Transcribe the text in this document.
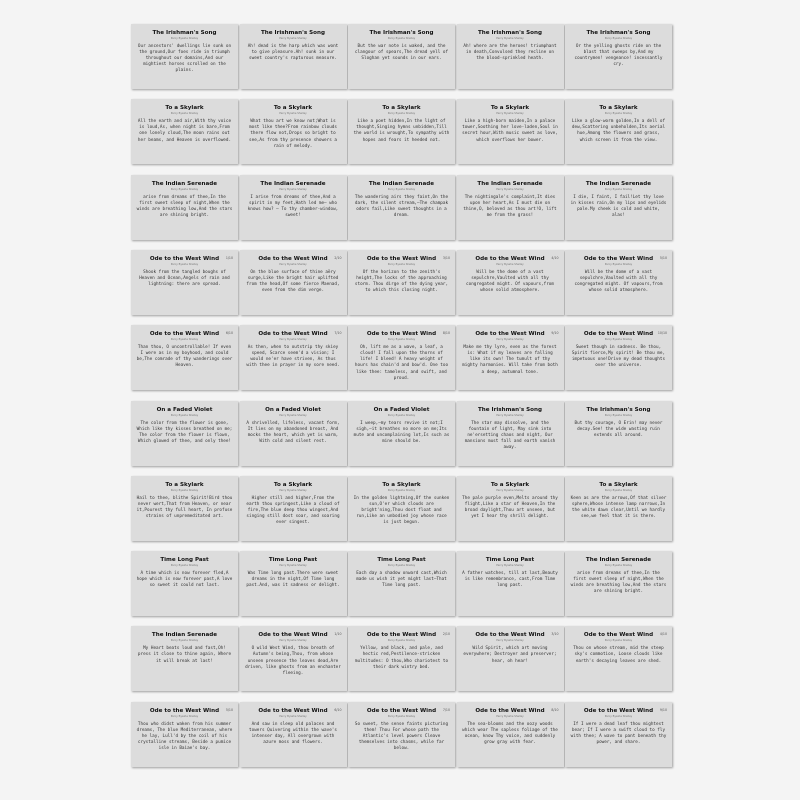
The Irishman's Song
Percy Bysshe Shelley
Our ancestors' dwellings lie sunk on the ground,Our foes ride in triumph throughout our domains,And our mightiest horses scrolled on the plains.
The Irishman's Song
Percy Bysshe Shelley
Ah! dead is the harp which was wont to give pleasure.Ah! sunk in our sweet country's rapturous measure.
The Irishman's Song
Percy Bysshe Shelley
But the war note is waked, and the clangour of spears,The dread yell of Sloghan yet sounds in our ears.
The Irishman's Song
Percy Bysshe Shelley
Ah! where are the heroes! triumphant in death,Convulsed they recline on the blood-sprinkled heath.
The Irishman's Song
Percy Bysshe Shelley
Or the yelling ghosts ride on the blast that sweeps by,And my countrymen! vengeance! incessantly cry.
To a Skylark
Percy Bysshe Shelley
All the earth and air,With thy voice is loud,As, when night is bare,From one lonely cloud,The moon rains out her beams, and Heaven is overflowed.
To a Skylark
Percy Bysshe Shelley
What thou art we know not;What is most like thee?From rainbow clouds there flow not,Drops so bright to see,As from thy presence showers a rain of melody.
To a Skylark
Percy Bysshe Shelley
Like a poet hidden,In the light of thought,Singing hymns unbidden,Till the world is wrought,To sympathy with hopes and fears it heeded not.
To a Skylark
Percy Bysshe Shelley
Like a high-born maiden,In a palace tower,Soothing her love-laden,Soul in secret hour,With music sweet as love, which overflows her bower.
To a Skylark
Percy Bysshe Shelley
Like a glow-worm golden,In a dell of dew,Scattering unbeholden,Its aerial hue,Among the flowers and grass, which screen it from the view.
The Indian Serenade
Percy Bysshe Shelley
arise from dreams of thee,In the first sweet sleep of night,When the winds are breathing low,And the stars are shining bright.
The Indian Serenade
Percy Bysshe Shelley
I arise from dreams of thee,And a spirit in my feet,Hath led me— who knows how? — To thy chamber-window, sweet!
The Indian Serenade
Percy Bysshe Shelley
The wandering airs they faint,On the dark, the silent stream,—The champak odors fail,Like sweet thoughts in a dream.
The Indian Serenade
Percy Bysshe Shelley
The nightingale's complaint,It dies upon her heart,As I must die on thine,O, beloved as thou art!O, lift me from the grass!
The Indian Serenade
Percy Bysshe Shelley
I die, I faint, I fail!Let thy love in kisses rain,On my lips and eyelids pale.My cheek is cold and white, alas!
Ode to the West Wind 1/10
Percy Bysshe Shelley
Shook from the tangled boughs of Heaven and Ocean,Angels of rain and lightning: there are spread.
Ode to the West Wind 2/10
Percy Bysshe Shelley
On the blue surface of thine aëry surge,Like the bright hair uplifted from the head,Of some fierce Maenad, even from the dim verge.
Ode to the West Wind 3/10
Percy Bysshe Shelley
Of the horizon to the zenith's height,The locks of the approaching storm. Thou dirge of the dying year, to which this closing night.
Ode to the West Wind 4/10
Percy Bysshe Shelley
Will be the dome of a vast sepulchre,Vaulted with all thy congregated might. Of vapours,from whose solid atmosphere.
Ode to the West Wind 5/10
Percy Bysshe Shelley
Will be the dome of a vast sepulchre,Vaulted with all thy congregated might. Of vapours,from whose solid atmosphere.
Ode to the West Wind 6/10
Percy Bysshe Shelley
Than thou, O uncontrollable! If even I were as in my boyhood, and could be,The comrade of thy wanderings over Heaven.
Ode to the West Wind 7/10
Percy Bysshe Shelley
As then, when to outstrip thy skiey speed, Scarce seem'd a vision; I would ne'er have striven, As thus with thee in prayer in my sore need.
Ode to the West Wind 8/10
Percy Bysshe Shelley
Oh, lift me as a wave, a leaf, a cloud! I fall upon the thorns of life! I bleed! A heavy weight of hours has chain'd and bow'd. One too like thee: tameless, and swift, and proud.
Ode to the West Wind 9/10
Percy Bysshe Shelley
Make me thy lyre, even as the forest is: What if my leaves are falling like its own! The tumult of thy mighty harmonies. Will take from both a deep, autumnal tone.
Ode to the West Wind 10/10
Percy Bysshe Shelley
Sweet though in sadness. Be thou, Spirit fierce,My spirit! Be thou me, impetuous one!Drive my dead thoughts over the universe.
On a Faded Violet
Percy Bysshe Shelley
The color from the flower is gone, Which like thy kisses breathed on me; The color from the flower is flown, Which glowed of thee, and only thee!
On a Faded Violet
Percy Bysshe Shelley
A shrivelled, lifeless, vacant form, It lies on my abandoned breast, And mocks the heart, which yet is warm, With cold and silent rest.
On a Faded Violet
Percy Bysshe Shelley
I weep,—my tears revive it not;I sigh,—it breathes no more on me;Its mute and uncomplaining lot,Is such as mine should be.
The Irishman's Song
Percy Bysshe Shelley
The star may dissolve, and the fountain of light, May sink into ne'ersetting chaos and night, Our mansions must fall and earth vanish away.
The Irishman's Song
Percy Bysshe Shelley
But thy courage, O Erin! may never decay.See! the wide wasting ruin extends all around.
To a Skylark
Percy Bysshe Shelley
Hail to thee, blithe Spirit!Bird thou never wert,That from Heaven, or near it,Pourest thy full heart, In profuse strains of unpremeditated art.
To a Skylark
Percy Bysshe Shelley
Higher still and higher,From the earth thou springest,Like a cloud of fire,The blue deep thou wingest,And singing still dost soar, and soaring ever singest.
To a Skylark
Percy Bysshe Shelley
In the golden lightning,Of the sunken sun,O'er which clouds are bright'ning,Thou dost float and run,Like an unbodied joy whose race is just begun.
To a Skylark
Percy Bysshe Shelley
The pale purple even,Melts around thy flight,Like a star of Heaven,In the broad daylight,Thou art unseen, but yet I hear thy shrill delight.
To a Skylark
Percy Bysshe Shelley
Keen as are the arrows,Of that silver sphere,Whose intense lamp narrows,In the white dawn clear,Until we hardly see,we feel that it is there.
Time Long Past
Percy Bysshe Shelley
A time which is now forever fled,A hope which is now forever past,A love so sweet it could not last.
Time Long Past
Percy Bysshe Shelley
Was Time long past.There were sweet dreams in the night,Of Time long past.And, was it sadness or delight.
Time Long Past
Percy Bysshe Shelley
Each day a shadow onward cast,Which made us wish it yet might last—That Time long past.
Time Long Past
Percy Bysshe Shelley
A father watches, till at last,Beauty is like remembrance, cast,From Time long past.
The Indian Serenade
Percy Bysshe Shelley
arise from dreams of thee,In the first sweet sleep of night,When the winds are breathing low,And the stars are shining bright.
The Indian Serenade
Percy Bysshe Shelley
My Heart beats loud and fast,Oh! press it close to thine again, Where it will break at last!
Ode to the West Wind 1/10
Percy Bysshe Shelley
O wild West Wind, thou breath of Autumn's being,Thou, from whose unseen presence the leaves dead,Are driven, like ghosts from an enchanter fleeing.
Ode to the West Wind 2/10
Percy Bysshe Shelley
Yellow, and black, and pale, and hectic red,Pestilence-stricken multitudes: O thou,Who chariotest to their dark wintry bed.
Ode to the West Wind 3/10
Percy Bysshe Shelley
Wild Spirit, which art moving everywhere; Destroyer and preserver; hear, oh hear!
Ode to the West Wind 4/10
Percy Bysshe Shelley
Thou on whose stream, mid the steep sky's commotion, Loose clouds like earth's decaying leaves are shed.
Ode to the West Wind 5/10
Percy Bysshe Shelley
Thou who didst waken from his summer dreams, The blue Mediterranean, where he lay, Lull'd by the coil of his crystalline streams, Beside a pumice isle in Baiae's bay.
Ode to the West Wind 6/10
Percy Bysshe Shelley
And saw in sleep old palaces and towers Quivering within the wave's intenser day, All overgrown with azure moss and flowers.
Ode to the West Wind 7/10
Percy Bysshe Shelley
So sweet, the sense faints picturing them! Thou For whose path the Atlantic's level powers Cleave themselves into chasms, while far below.
Ode to the West Wind 8/10
Percy Bysshe Shelley
The sea-blooms and the oozy woods which wear The sapless foliage of the ocean, know Thy voice, and suddenly grow gray with fear.
Ode to the West Wind 9/10
Percy Bysshe Shelley
If I were a dead leaf thou mightest bear; If I were a swift cloud to fly with thee; A wave to pant beneath thy power, and share.
